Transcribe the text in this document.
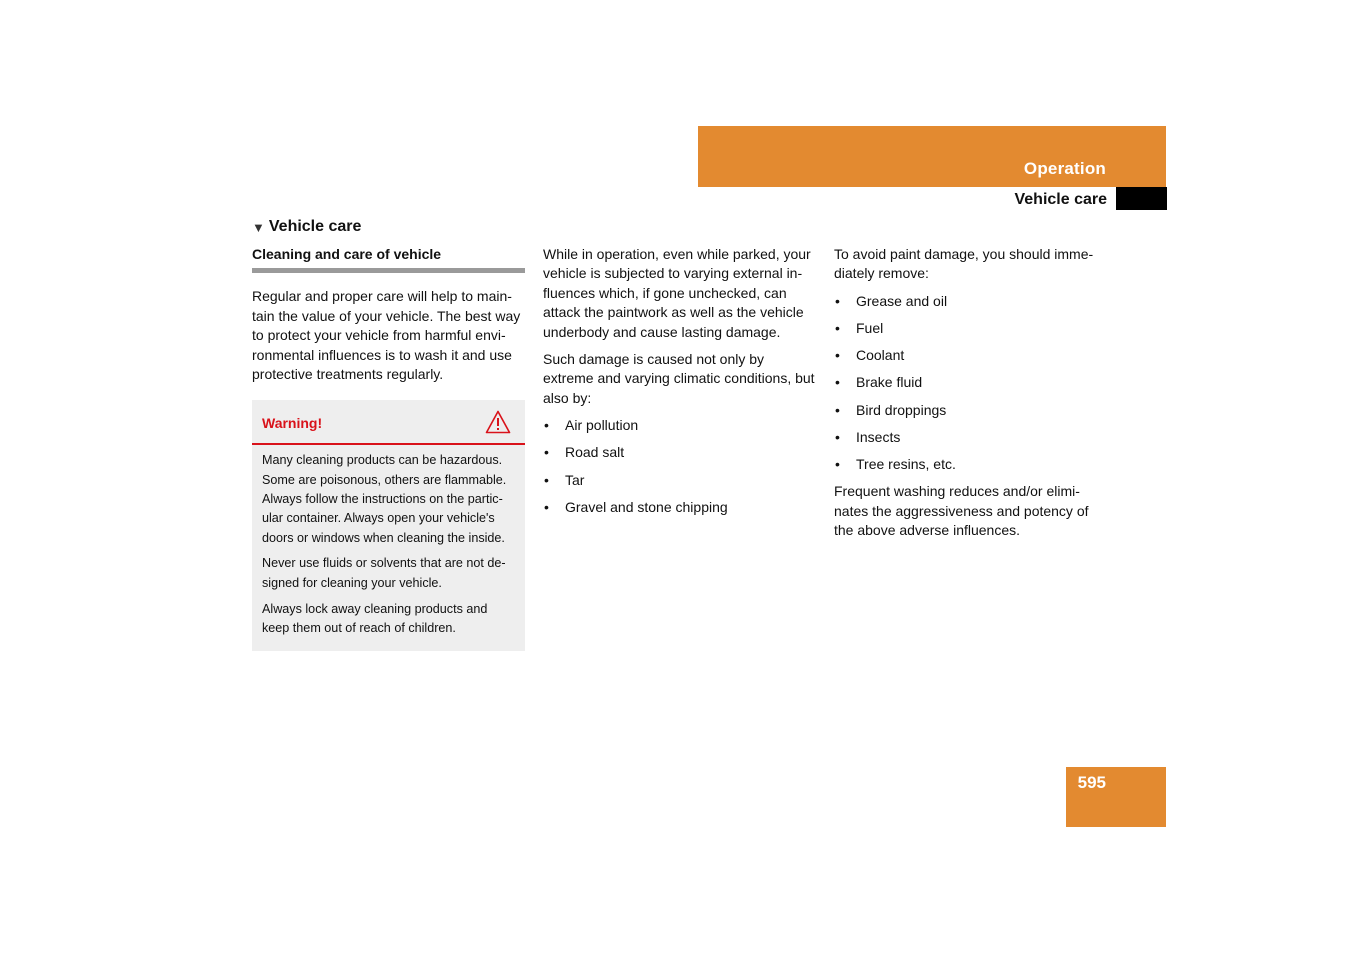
Operation
Vehicle care
▼ Vehicle care
Cleaning and care of vehicle

Regular and proper care will help to main-tain the value of your vehicle. The best way to protect your vehicle from harmful envi-ronmental influences is to wash it and use protective treatments regularly.

Warning!

Many cleaning products can be hazardous. Some are poisonous, others are flammable. Always follow the instructions on the partic-ular container. Always open your vehicle's doors or windows when cleaning the inside.

Never use fluids or solvents that are not de-signed for cleaning your vehicle.

Always lock away cleaning products and keep them out of reach of children.

While in operation, even while parked, your vehicle is subjected to varying external in-fluences which, if gone unchecked, can attack the paintwork as well as the vehicle underbody and cause lasting damage.

Such damage is caused not only by extreme and varying climatic conditions, but also by:

• Air pollution
• Road salt
• Tar
• Gravel and stone chipping

To avoid paint damage, you should imme-diately remove:

• Grease and oil
• Fuel
• Coolant
• Brake fluid
• Bird droppings
• Insects
• Tree resins, etc.

Frequent washing reduces and/or elimi-nates the aggressiveness and potency of the above adverse influences.

595
